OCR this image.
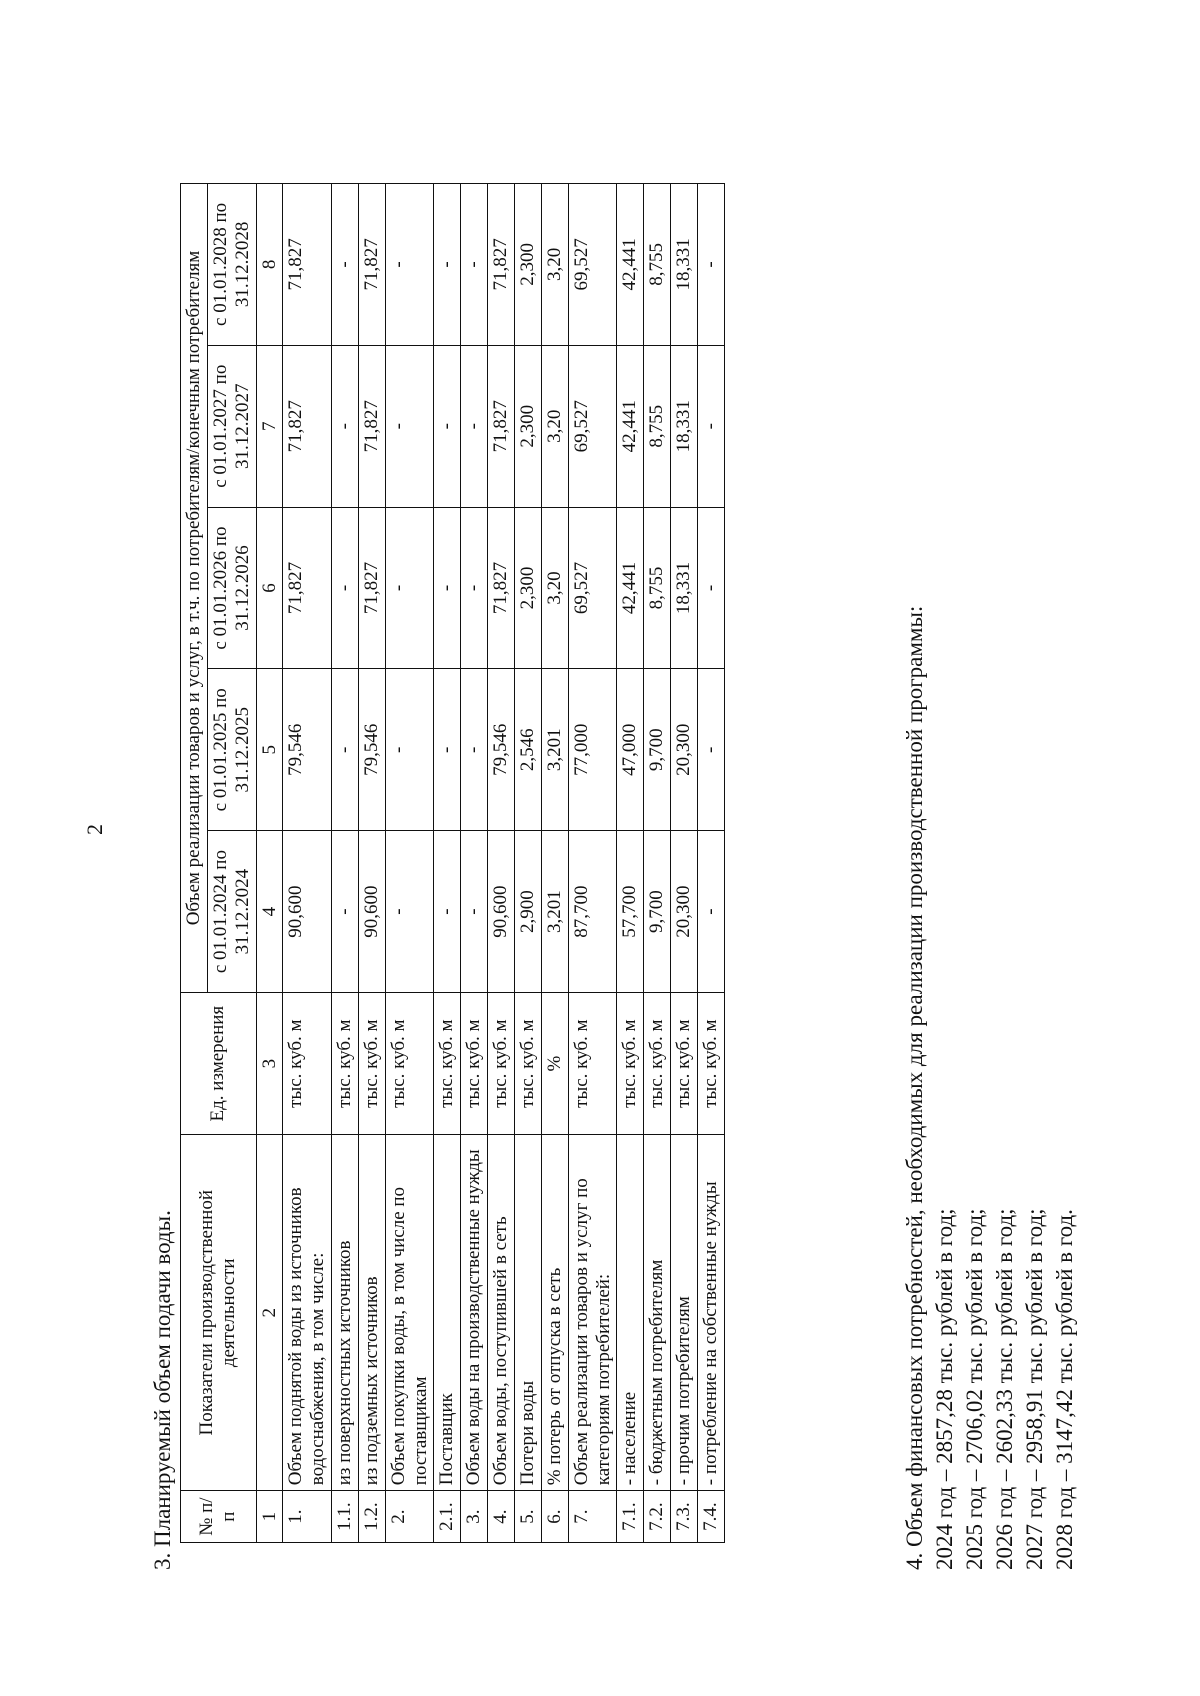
2
3. Планируемый объем подачи воды. № п/п	Показатели производственной деятельности	Ед. измерения	Объем реализации товаров и услуг, в т.ч. по потребителям/конечным потребителям				
			с 01.01.2024 по 31.12.2024	с 01.01.2025 по 31.12.2025	с 01.01.2026 по 31.12.2026	с 01.01.2027 по 31.12.2027	с 01.01.2028 по 31.12.2028
1	2	3	4	5	6	7	8
1.	Объем поднятой воды из источников водоснабжения, в том числе:	тыс. куб. м	90,600	79,546	71,827	71,827	71,827
1.1.	из поверхностных источников	тыс. куб. м	-	-	-	-	-
1.2.	из подземных источников	тыс. куб. м	90,600	79,546	71,827	71,827	71,827
2.	Объем покупки воды, в том числе по поставщикам	тыс. куб. м	-	-	-	-	-
2.1.	Поставщик	тыс. куб. м	-	-	-	-	-
3.	Объем воды на производственные нужды	тыс. куб. м	-	-	-	-	-
4.	Объем воды, поступившей в сеть	тыс. куб. м	90,600	79,546	71,827	71,827	71,827
5.	Потери воды	тыс. куб. м	2,900	2,546	2,300	2,300	2,300
6.	% потерь от отпуска в сеть	%	3,201	3,201	3,20	3,20	3,20
7.	Объем реализации товаров и услуг по категориям потребителей:	тыс. куб. м	87,700	77,000	69,527	69,527	69,527
7.1.	- население	тыс. куб. м	57,700	47,000	42,441	42,441	42,441
7.2.	- бюджетным потребителям	тыс. куб. м	9,700	9,700	8,755	8,755	8,755
7.3.	- прочим потребителям	тыс. куб. м	20,300	20,300	18,331	18,331	18,331
7.4.	- потребление на собственные нужды	тыс. куб. м	-	-	-	-	-
4. Объем финансовых потребностей, необходимых для реализации производственной программы: 2024 год – 2857,28 тыс. рублей в год; 2025 год – 2706,02 тыс. рублей в год; 2026 год – 2602,33 тыс. рублей в год; 2027 год – 2958,91 тыс. рублей в год; 2028 год – 3147,42 тыс. рублей в год.
